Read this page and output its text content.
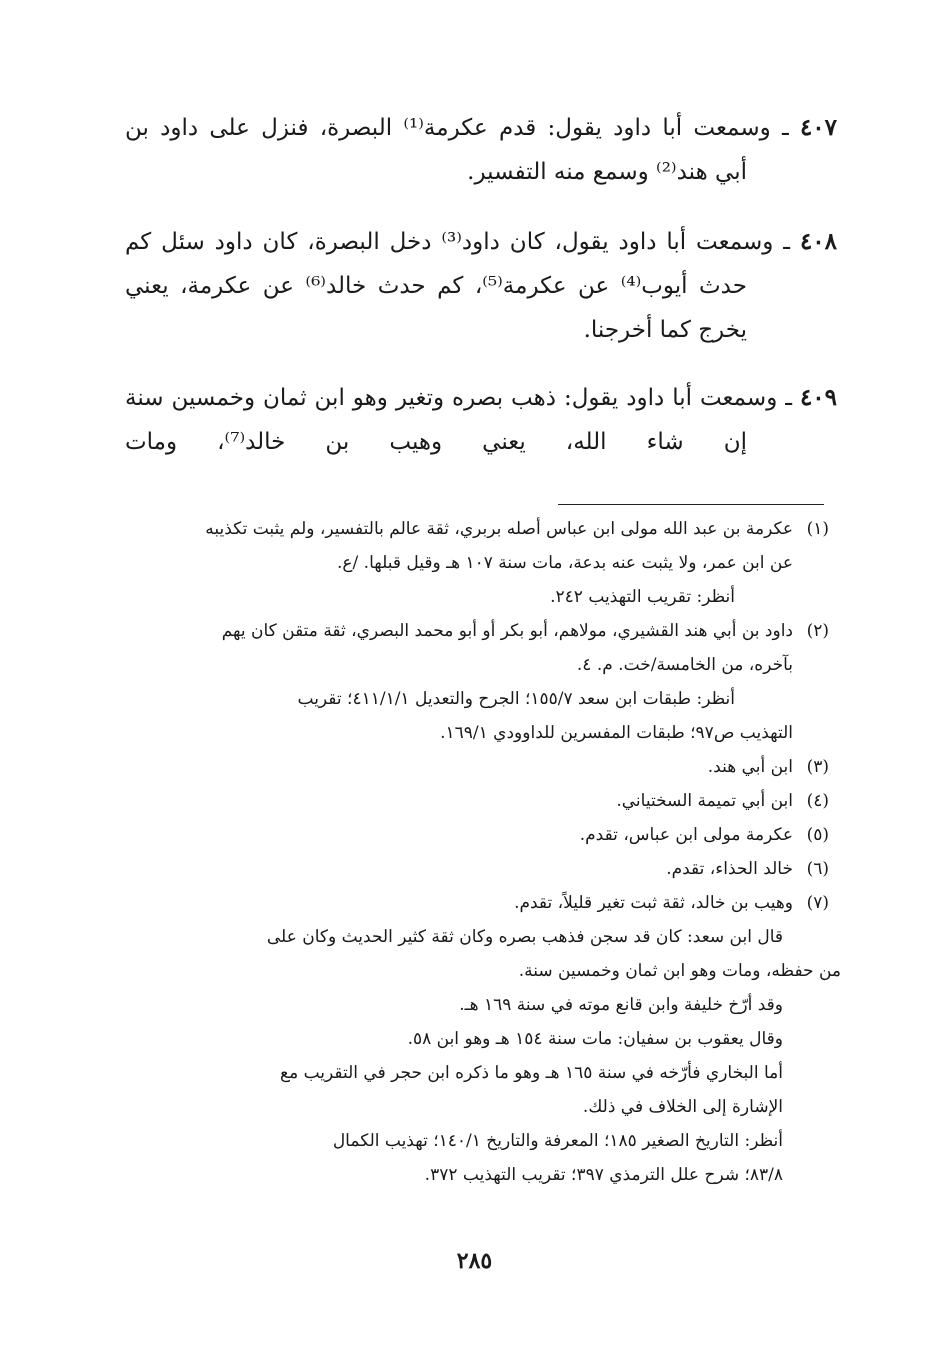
٤٠٧ ـ وسمعت أبا داود يقول: قدم عكرمة⁽¹⁾ البصرة، فنزل على داود بن
أبي هند⁽²⁾ وسمع منه التفسير.
٤٠٨ ـ وسمعت أبا داود يقول، كان داود⁽³⁾ دخل البصرة، كان داود سئل كم
حدث أيوب⁽⁴⁾ عن عكرمة⁽⁵⁾، كم حدث خالد⁽⁶⁾ عن عكرمة، يعني
يخرج كما أخرجنا.
٤٠٩ ـ وسمعت أبا داود يقول: ذهب بصره وتغير وهو ابن ثمان وخمسين سنة
إن شاء الله، يعني وهيب بن خالد⁽⁷⁾، ومات
(١)
عكرمة بن عبد الله مولى ابن عباس أصله بربري، ثقة عالم بالتفسير، ولم يثبت تكذيبه
عن ابن عمر، ولا يثبت عنه بدعة، مات سنة ١٠٧ هـ وقيل قبلها. /ع.
أنظر: تقريب التهذيب ٢٤٢.
(٢)
داود بن أبي هند القشيري، مولاهم، أبو بكر أو أبو محمد البصري، ثقة متقن كان يهم
بآخره، من الخامسة/خت. م. ٤.
أنظر: طبقات ابن سعد ١٥٥/٧؛ الجرح والتعديل ٤١١/١/١؛ تقريب
التهذيب ص٩٧؛ طبقات المفسرين للداوودي ١٦٩/١.
(٣)
ابن أبي هند.
(٤)
ابن أبي تميمة السختياني.
(٥)
عكرمة مولى ابن عباس، تقدم.
(٦)
خالد الحذاء، تقدم.
(٧)
وهيب بن خالد، ثقة ثبت تغير قليلاً، تقدم.
قال ابن سعد: كان قد سجن فذهب بصره وكان ثقة كثير الحديث وكان على
من حفظه، ومات وهو ابن ثمان وخمسين سنة.
وقد أرّخ خليفة وابن قانع موته في سنة ١٦٩ هـ.
وقال يعقوب بن سفيان: مات سنة ١٥٤ هـ وهو ابن ٥٨.
أما البخاري فأرّخه في سنة ١٦٥ هـ وهو ما ذكره ابن حجر في التقريب مع
الإشارة إلى الخلاف في ذلك.
أنظر: التاريخ الصغير ١٨٥؛ المعرفة والتاريخ ١٤٠/١؛ تهذيب الكمال
٨٣/٨؛ شرح علل الترمذي ٣٩٧؛ تقريب التهذيب ٣٧٢.
٢٨٥
